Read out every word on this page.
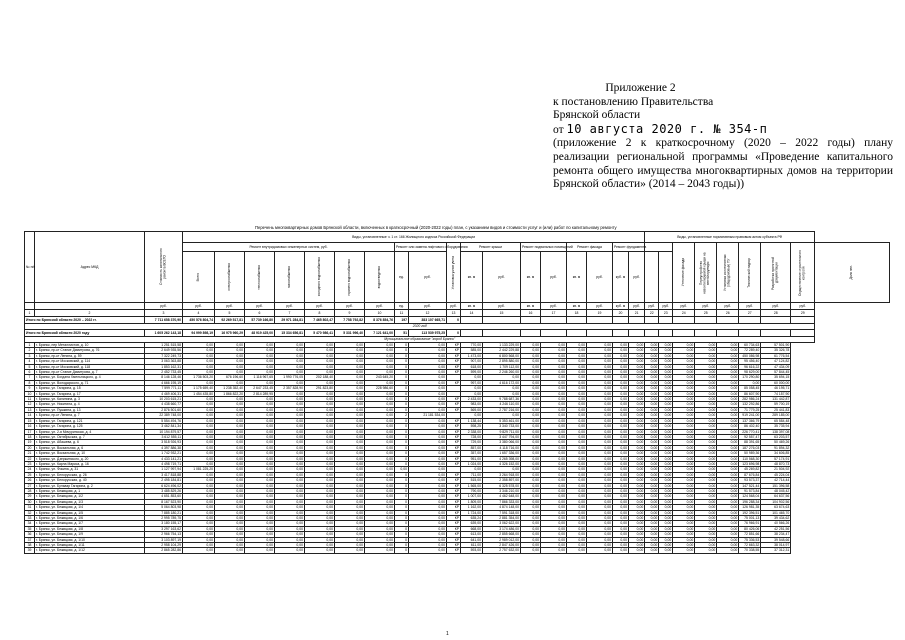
Приложение 2
к постановлению Правительства
Брянской области
от 10 августа 2020 г. № 354-п
(приложение 2 к краткосрочному (2020 – 2022 годы) плану реализации региональной программы «Проведение капитального ремонта общего имущества многоквартирных домов на территории Брянской области» (2014 – 2043 годы))
Перечень многоквартирных домов Брянской области, включенных в краткосрочный (2020-2022 годы) план, с указанием видов и стоимости услуг и (или) работ по капитальному ремонту
№ п/п	Адрес МКД	Стоимость капитального ремонта ВСЕГО	Виды, установленные ч. 1 ст. 166 Жилищного кодекса Российской Федерации																		Виды, установленные нормативным правовым актом субъекта РФ								
			Ремонт внутридомовых инженерных систем, руб.							Ремонт или замена лифтового оборудования		Установка узлов учета	Ремонт крыши		Ремонт подвальных помещений		Ремонт фасада		Ремонт фундамента				Утепление фасада	Переустройство невентилируемой крыши на вентилируемую	Установка коллективных (общедомовых) ПУ	Технический надзор	Разработка проектной документации	Осуществление строительного контроля	Доля чел.

			Всего	электроснабжения	теплоснабжения	газоснабжения	холодного водоснабжения	горячего водоснабжения	водоотведения	ед.	руб.		кв. м	руб.	кв. м	руб.	кв. м	руб.	куб. м	руб.									
		руб.	руб.	руб.	руб.	руб.	руб.	руб.	руб.	ед.	руб.	руб.	кв. м	руб.	кв. м	руб.	кв. м	руб.	куб. м	руб.	руб.	руб.	руб.	руб.	руб.	руб.	руб.	руб.	
1	2	3	4	5	6	7	8	9	10	11	12	13	14	15	16	17	18	19	20	21	22	23	24	25	26	27	28	29	
Итого по Брянской области 2020 – 2022 гг.		7 711 658 370,90	450 576 804,74	92 269 517,81	57 739 166,80	29 971 284,81	7 465 802,47	7 758 792,82	8 376 854,76	197	383 107 665,71	0																	
2020 год																													
Итого по Брянской области 2020 году		1 605 262 143,18	94 999 898,19	16 975 960,29	48 919 425,00	15 334 656,81	5 470 986,41	5 331 996,40	7 121 641,00	51	113 539 975,25	0																	
Муниципальное образование "город Брянск"																													
1	г. Брянск, пер Металлистов, д. 10	1 251 515,58	0,00	0,00	0,00	0,00	0,00	0,00	0,00	0	0,00	КР	770,00	1 133 229,00	0,00	0,00	0,00	0,00	0,00	0,00	0,00	0,00	0,00	0,00	0,00	60 734,63	57 501,90		
2	г. Брянск, пр-кт Станке Димитрова, д. 76	2 649 935,56	0,00	0,00	0,00	0,00	0,00	0,00	0,00	0	0,00	КР	585,00	2 442 229,88	0,00	0,00	0,00	0,00	0,00	0,00	0,00	0,00	0,00	0,00	0,00	72 289,40	35 326,78		
3	г. Брянск, пр-кт Ленина, д. 59	7 322 249,73	0,00	0,00	0,00	0,00	0,00	0,00	0,00	0	0,00	КР	1 473,00	6 800 568,00	0,00	0,00	0,00	0,00	0,00	0,00	0,00	0,00	0,00	0,00	0,00	450 086,98	61 776,54		
4	г. Брянск, пр-кт Московский, д. 114	3 063 363,88	0,00	0,00	0,00	0,00	0,00	0,00	0,00	0	0,00	КР	907,00	2 895 880,00	0,00	0,00	0,00	0,00	0,00	0,00	0,00	0,00	0,00	0,00	0,00	95 456,40	47 124,82		
5	г. Брянск, пр-кт Московский, д. 118	1 853 162,31	0,00	0,00	0,00	0,00	0,00	0,00	0,00	0	0,00	КР	618,00	1 709 112,00	0,00	0,00	0,00	0,00	0,00	0,00	0,00	0,00	0,00	0,00	0,00	96 616,22	47 434,09		
6	г. Брянск, пр-кт Станке Димитрова, д. 7	2 452 733,45	0,00	0,00	0,00	0,00	0,00	0,00	0,00	0	0,00	КР	599,00	2 246 260,00	0,00	0,00	0,00	0,00	0,00	0,00	0,00	0,00	0,00	0,00	0,00	98 629,00	57 844,45		
7	г. Брянск, ул. Богдана Хмельницкого, д. 4	8 146 128,46	1 736 503,20	676 196,60	1 116 967,65	1 990 776,05	202 188,40	0,00	243 645,20	0	0,00		0,00	0,00	0,00	0,00	0,00	0,00	0,00	0,00	0,00	0,00	0,00	0,00	0,00	170 290,80	35 694,15		
8	г. Брянск, ул. Володарского, д. 71	4 666 195,19	0,00	0,00	0,00	0,00	0,00	0,00	0,00	0	0,00	КР	997,00	4 616 172,00	0,00	0,00	0,00	0,00	0,00	0,00	0,00	0,00	0,00	0,00	0,00	0,00	60 000,00		
9	г. Брянск, ул. Гагарина, д. 15	7 599 771,11	1 175 659,40	1 238 352,40	2 647 233,45	2 357 828,90	291 823,80	0,00	228 986,60	0	0,00		0,00	0,00	0,00	0,00	0,00	0,00	0,00	0,00	0,00	0,00	0,00	0,00	0,00	85 058,45	46 195,71		
10	г. Брянск, ул. Гагарина, д. 17	4 469 406,31	1 454 435,80	1 866 822,20	2 814 289,95	0,00	0,00	0,00	0,00	0	0,00		0,00	0,00	0,00	0,00	0,00	0,00	0,00	0,00	0,00	0,00	0,00	0,00	0,00	86 607,90	74 157,90		
11	г. Брянск, ул. Калинина, д. 3	10 203 615,21	0,00	0,00	0,00	0,00	0,00	0,00	0,00	0	0,00	КР	2 433,00	9 788 687,36	0,00	0,00	0,00	0,00	0,00	0,00	0,00	0,00	0,00	0,00	0,00	282 986,24	131 442,87		
12	г. Брянск, ул. Никитина, д. 4	4 438 660,77	0,00	0,00	0,00	0,00	0,00	0,00	0,00	0	0,00	КР	983,00	4 246 110,00	0,00	0,00	0,00	0,00	0,00	0,00	0,00	0,00	0,00	0,00	0,00	132 292,86	59 700,19		
13	г. Брянск, ул. Пушкина, д. 13	2 876 501,60	0,00	0,00	0,00	0,00	0,00	0,00	0,00	0	0,00	КР	569,00	2 787 216,00	0,00	0,00	0,00	0,00	0,00	0,00	0,00	0,00	0,00	0,00	0,00	71 779,25	25 441,83		
14	г. Брянск, пр-кт Ленина, д. 7	22 389 748,00	0,00	0,00	0,00	0,00	0,00	0,00	0,00	2	21 181 534,00		0,00	0,00	0,00	0,00	0,00	0,00	0,00	0,00	0,00	0,00	0,00	0,00	0,00	919 241,00	289 185,00		
15	г. Брянск, ул. Гагарина, д. 121	5 554 494,76	0,00	0,00	0,00	0,00	0,00	0,00	0,00	0	0,00	КР	1 138,44	5 353 461,00	0,00	0,00	0,00	0,00	0,00	0,00	0,00	0,00	0,00	0,00	0,00	137 366,79	65 584,48		
16	г. Брянск, ул. Гагарина, д. 125	3 462 841,34	0,00	0,00	0,00	0,00	0,00	0,00	0,00	0	0,00	КР	598,25	3 340 733,00	0,00	0,00	0,00	0,00	0,00	0,00	0,00	0,00	0,00	0,00	0,00	86 402,40	35 735,94		
17	г. Брянск, ул. 2-я Мичуринская, д. 4	10 194 879,57	0,00	0,00	0,00	0,00	0,00	0,00	0,00	0	0,00	КР	2 338,00	9 829 711,00	0,00	0,00	0,00	0,00	0,00	0,00	0,00	0,00	0,00	0,00	0,00	226 770,41	138 397,08		
18	г. Брянск, ул. Октябрьская, д. 7	3 612 555,11	0,00	0,00	0,00	0,00	0,00	0,00	0,00	0	0,00	КР	728,00	3 447 794,00	0,00	0,00	0,00	0,00	0,00	0,00	0,00	0,00	0,00	0,00	0,00	92 557,47	63 203,57		
19	г. Брянск, ул. Абашева, д. 6	3 518 926,93	0,00	0,00	0,00	0,00	0,00	0,00	0,00	0	0,00	КР	729,00	3 380 066,00	0,00	0,00	0,00	0,00	0,00	0,00	0,00	0,00	0,00	0,00	0,00	88 391,65	50 469,26		
20	г. Брянск, ул. Вокзальная, д. 6	4 397 886,38	0,00	0,00	0,00	0,00	0,00	0,00	0,00	0	0,00	КР	857,00	4 118 716,00	0,00	0,00	0,00	0,00	0,00	0,00	0,00	0,00	0,00	0,00	0,00	187 276,03	91 894,32		
21	г. Брянск, ул. Вокзальная, д. 10	1 742 932,21	0,00	0,00	0,00	0,00	0,00	0,00	0,00	0	0,00	КР	357,00	1 657 336,00	0,00	0,00	0,00	0,00	0,00	0,00	0,00	0,00	0,00	0,00	0,00	50 989,36	34 606,85		
22	г. Брянск, ул. Дзержинского, д. 20	4 433 141,21	0,00	0,00	0,00	0,00	0,00	0,00	0,00	0	0,00	КР	951,00	4 265 398,00	0,00	0,00	0,00	0,00	0,00	0,00	0,00	0,00	0,00	0,00	0,00	110 568,30	57 174,91		
23	г. Брянск, ул. Карла Маркса, д. 16	4 498 719,71	0,00	0,00	0,00	0,00	0,00	0,00	0,00	0	0,00	КР	1 024,00	4 326 152,00	0,00	0,00	0,00	0,00	0,00	0,00	0,00	0,00	0,00	0,00	0,00	123 696,98	48 870,73		
24	г. Брянск, ул. Фокина, д. 31	1 127 997,94	1 081 225,20	0,00	0,00	0,00	0,00	0,00	0,00	0,00	0,00		0,00	0,00	0,00	0,00	0,00	0,00	0,00	0,00	0,00	0,00	0,00	0,00	0,00	45 269,82	21 504,92		
25	г. Брянск, ул. Белорусская, д. 26	3 417 818,88	0,00	0,00	0,00	0,00	0,00	0,00	0,00	0	0,00	КР	711,00	3 264 918,00	0,00	0,00	0,00	0,00	0,00	0,00	0,00	0,00	0,00	0,00	0,00	87 676,84	45 224,04		
26	г. Брянск, ул. Белорусская, д. 40	2 495 184,81	0,00	0,00	0,00	0,00	0,00	0,00	0,00	0	0,00	КР	515,00	2 358 897,00	0,00	0,00	0,00	0,00	0,00	0,00	0,00	0,00	0,00	0,00	0,00	93 573,37	42 714,44		
27	г. Брянск, ул. Бульвар Гагарина, д. 2	6 624 496,02	0,00	0,00	0,00	0,00	0,00	0,00	0,00	0	0,00	КР	1 565,00	6 325 578,00	0,00	0,00	0,00	0,00	0,00	0,00	0,00	0,00	0,00	0,00	0,00	147 521,44	151 396,58		
28	г. Брянск, ул. Бежицкая, д. 1	3 485 829,26	0,00	0,00	0,00	0,00	0,00	0,00	0,00	0	0,00	КР	790,00	3 346 210,00	0,00	0,00	0,00	0,00	0,00	0,00	0,00	0,00	0,00	0,00	0,00	91 573,84	48 045,42		
29	г. Брянск, ул. Бежицкая, д. 1/2	4 651 853,60	0,00	0,00	0,00	0,00	0,00	0,00	0,00	0	0,00	КР	1 007,00	4 462 648,00	0,00	0,00	0,00	0,00	0,00	0,00	0,00	0,00	0,00	0,00	0,00	124 568,04	64 637,56		
30	г. Брянск, ул. Бежицкая, д. 1/3	8 167 523,90	0,00	0,00	0,00	0,00	0,00	0,00	0,00	0	0,00	КР	1 809,00	7 866 333,00	0,00	0,00	0,00	0,00	0,00	0,00	0,00	0,00	0,00	0,00	0,00	196 288,34	104 902,56		
31	г. Брянск, ул. Бежицкая, д. 1/4	5 064 803,98	0,00	0,00	0,00	0,00	0,00	0,00	0,00	0	0,00	КР	1 162,00	4 874 148,00	0,00	0,00	0,00	0,00	0,00	0,00	0,00	0,00	0,00	0,00	0,00	126 981,35	63 674,63		
32	г. Брянск, ул. Бежицкая, д. 1/5	7 885 180,21	0,00	0,00	0,00	0,00	0,00	0,00	0,00	0	0,00	КР	1 724,00	7 591 318,00	0,00	0,00	0,00	0,00	0,00	0,00	0,00	0,00	0,00	0,00	0,00	192 396,51	101 465,70		
33	г. Брянск, ул. Бежицкая, д. 1/6	2 995 789,75	0,00	0,00	0,00	0,00	0,00	0,00	0,00	0	0,00	КР	635,24	2 881 354,00	0,00	0,00	0,00	0,00	0,00	0,00	0,00	0,00	0,00	0,00	0,00	75 001,13	39 434,62		
34	г. Брянск, ул. Бежицкая, д. 1/7	3 180 155,17	0,00	0,00	0,00	0,00	0,00	0,00	0,00	0	0,00	КР	639,00	3 062 622,00	0,00	0,00	0,00	0,00	0,00	0,00	0,00	0,00	0,00	0,00	0,00	76 966,91	40 566,26		
35	г. Брянск, ул. Бежицкая, д. 1/8	3 297 163,62	0,00	0,00	0,00	0,00	0,00	0,00	0,00	0	0,00	КР	668,00	3 174 486,00	0,00	0,00	0,00	0,00	0,00	0,00	0,00	0,00	0,00	0,00	0,00	80 426,06	42 251,56		
36	г. Брянск, ул. Бежицкая, д. 1/9	2 966 754,13	0,00	0,00	0,00	0,00	0,00	0,00	0,00	0	0,00	КР	613,00	2 855 668,00	0,00	0,00	0,00	0,00	0,00	0,00	0,00	0,00	0,00	0,00	0,00	72 851,66	38 234,47		
37	г. Брянск, ул. Бежицкая, д. 1/10	3 103 897,19	0,00	0,00	0,00	0,00	0,00	0,00	0,00	0	0,00	КР	641,00	2 989 012,00	0,00	0,00	0,00	0,00	0,00	0,00	0,00	0,00	0,00	0,00	0,00	75 336,53	39 548,66		
38	г. Брянск, ул. Бежицкая, д. 1/11	2 958 104,29	0,00	0,00	0,00	0,00	0,00	0,00	0,00	0	0,00	КР	611,00	2 847 426,00	0,00	0,00	0,00	0,00	0,00	0,00	0,00	0,00	0,00	0,00	0,00	72 663,32	38 014,97		
39	г. Брянск, ул. Бежицкая, д. 1/12	2 865 282,86	0,00	0,00	0,00	0,00	0,00	0,00	0,00	0	0,00	КР	593,00	2 757 632,00	0,00	0,00	0,00	0,00	0,00	0,00	0,00	0,00	0,00	0,00	0,00	70 338,55	37 312,31		
1
